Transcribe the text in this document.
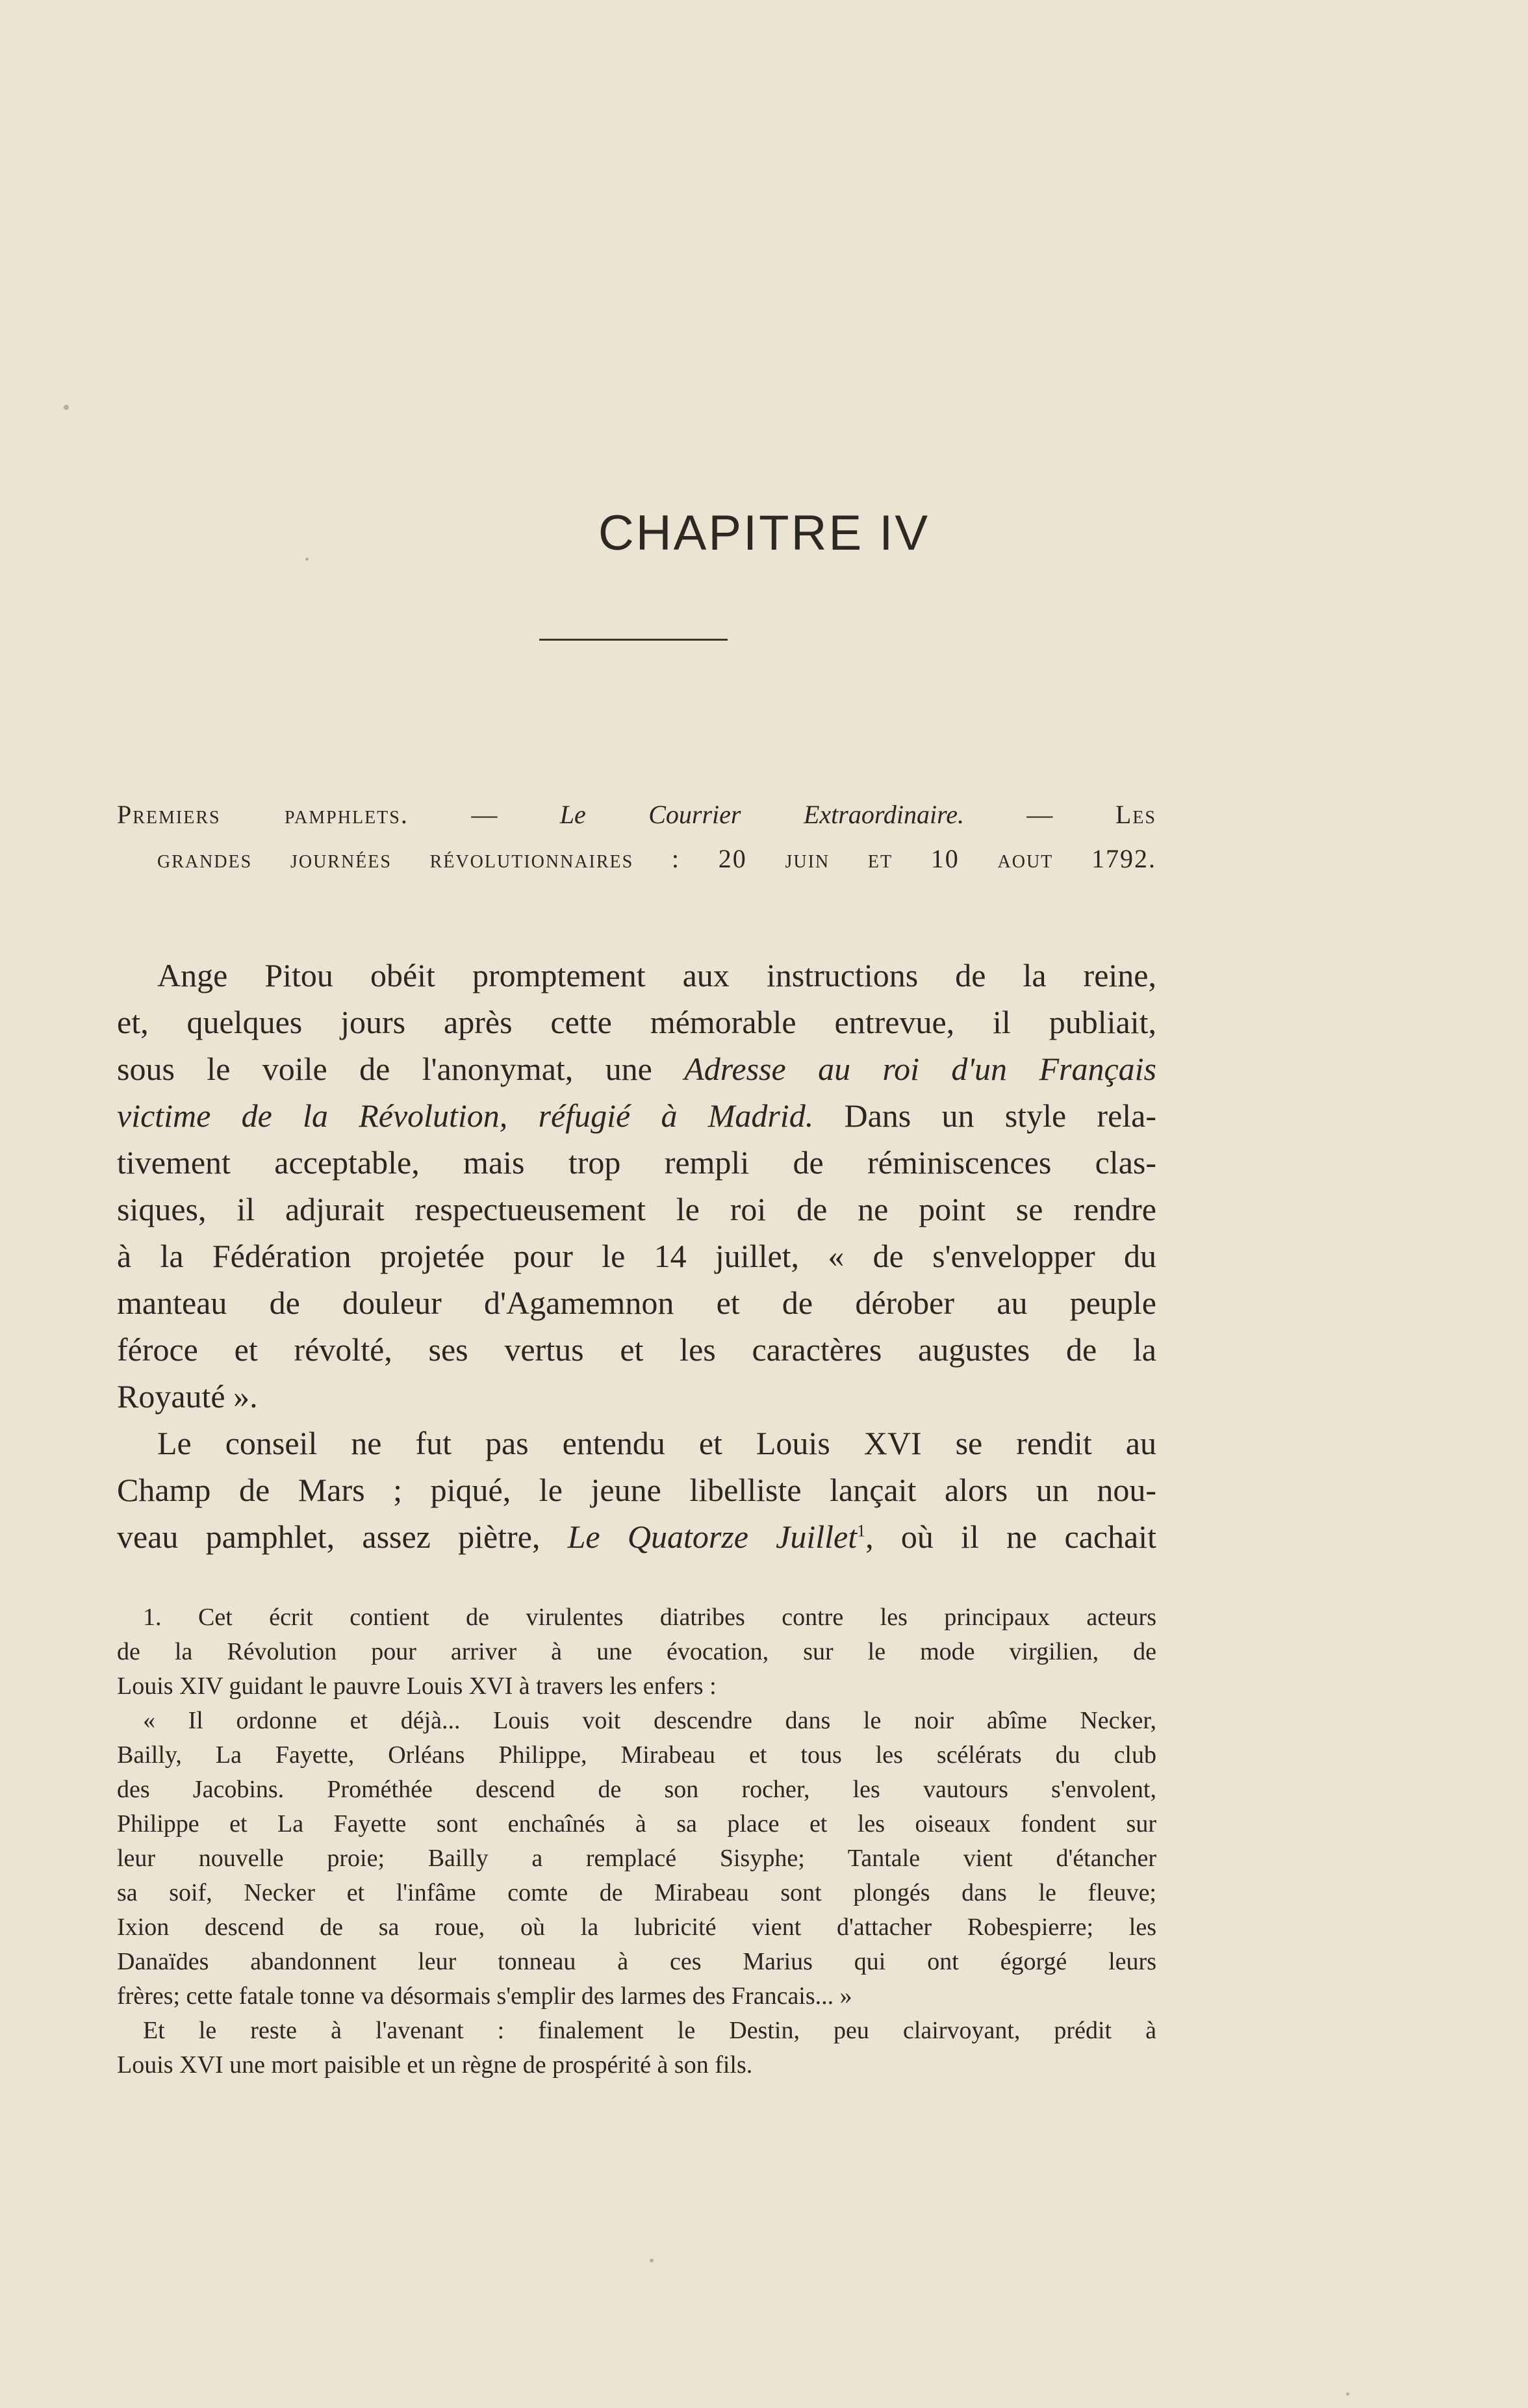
CHAPITRE IV
Premiers pamphlets. — Le Courrier Extraordinaire. — Les
grandes journées révolutionnaires : 20 juin et 10 aout 1792.

Ange Pitou obéit promptement aux instructions de la reine,
et, quelques jours après cette mémorable entrevue, il publiait,
sous le voile de l'anonymat, une Adresse au roi d'un Français
victime de la Révolution, réfugié à Madrid. Dans un style rela-
tivement acceptable, mais trop rempli de réminiscences clas-
siques, il adjurait respectueusement le roi de ne point se rendre
à la Fédération projetée pour le 14 juillet, « de s'envelopper du
manteau de douleur d'Agamemnon et de dérober au peuple
féroce et révolté, ses vertus et les caractères augustes de la
Royauté ».

Le conseil ne fut pas entendu et Louis XVI se rendit au
Champ de Mars ; piqué, le jeune libelliste lançait alors un nou-
veau pamphlet, assez piètre, Le Quatorze Juillet$^1$, où il ne cachait

1. Cet écrit contient de virulentes diatribes contre les principaux acteurs
de la Révolution pour arriver à une évocation, sur le mode virgilien, de
Louis XIV guidant le pauvre Louis XVI à travers les enfers :
« Il ordonne et déjà... Louis voit descendre dans le noir abîme Necker,
Bailly, La Fayette, Orléans Philippe, Mirabeau et tous les scélérats du club
des Jacobins. Prométhée descend de son rocher, les vautours s'envolent,
Philippe et La Fayette sont enchaînés à sa place et les oiseaux fondent sur
leur nouvelle proie; Bailly a remplacé Sisyphe; Tantale vient d'étancher
sa soif, Necker et l'infâme comte de Mirabeau sont plongés dans le fleuve;
Ixion descend de sa roue, où la lubricité vient d'attacher Robespierre; les
Danaïdes abandonnent leur tonneau à ces Marius qui ont égorgé leurs
frères; cette fatale tonne va désormais s'emplir des larmes des Francais... »
Et le reste à l'avenant : finalement le Destin, peu clairvoyant, prédit à
Louis XVI une mort paisible et un règne de prospérité à son fils.
